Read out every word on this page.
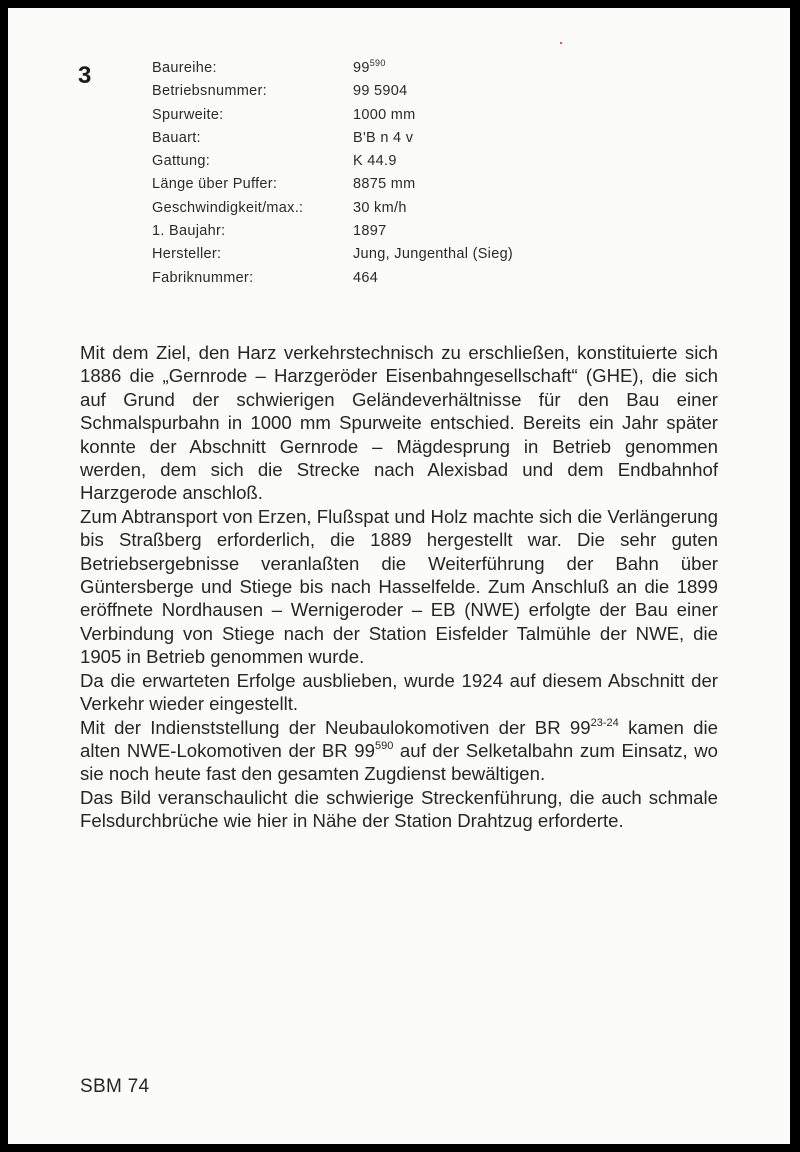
3	Baureihe:	$99^{590}$
Betriebsnummer:	99 5904
Spurweite:	1000 mm
Bauart:	B'B n 4 v
Gattung:	K 44.9
Länge über Puffer:	8875 mm
Geschwindigkeit/max.:	30 km/h
1. Baujahr:	1897
Hersteller:	Jung, Jungenthal (Sieg)
Fabriknummer:	464

Mit dem Ziel, den Harz verkehrstechnisch zu erschließen, konstituierte sich 1886 die „Gernrode – Harzgeröder Eisenbahngesellschaft“ (GHE), die sich auf Grund der schwierigen Geländeverhältnisse für den Bau einer Schmalspurbahn in 1000 mm Spurweite entschied. Bereits ein Jahr später konnte der Abschnitt Gernrode – Mägdesprung in Betrieb genommen werden, dem sich die Strecke nach Alexisbad und dem Endbahnhof Harzgerode anschloß.

Zum Abtransport von Erzen, Flußspat und Holz machte sich die Verlängerung bis Straßberg erforderlich, die 1889 hergestellt war. Die sehr guten Betriebsergebnisse veranlaßten die Weiterführung der Bahn über Güntersberge und Stiege bis nach Hasselfelde. Zum Anschluß an die 1899 eröffnete Nordhausen – Wernigeroder – EB (NWE) erfolgte der Bau einer Verbindung von Stiege nach der Station Eisfelder Talmühle der NWE, die 1905 in Betrieb genommen wurde.

Da die erwarteten Erfolge ausblieben, wurde 1924 auf diesem Abschnitt der Verkehr wieder eingestellt.

Mit der Indienststellung der Neubaulokomotiven der BR 99$^{23-24}$ kamen die alten NWE-Lokomotiven der BR $99^{590}$ auf der Selketalbahn zum Einsatz, wo sie noch heute fast den gesamten Zugdienst bewältigen.

Das Bild veranschaulicht die schwierige Streckenführung, die auch schmale Felsdurchbrüche wie hier in Nähe der Station Drahtzug erforderte.

SBM 74
